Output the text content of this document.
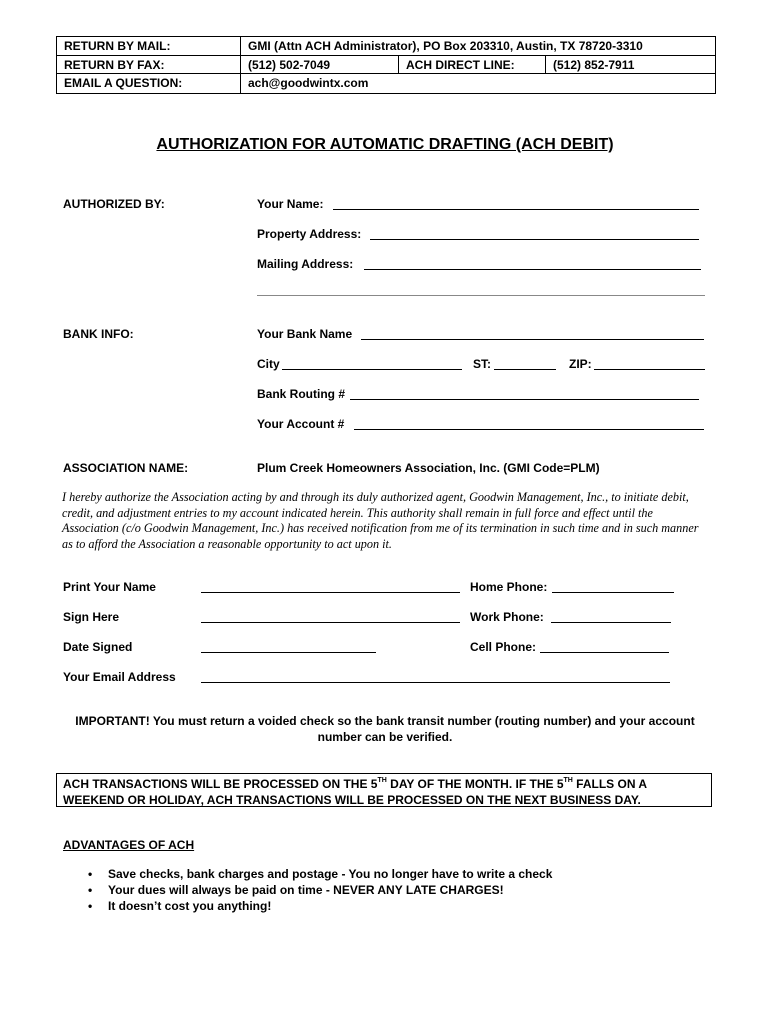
RETURN BY MAIL:	GMI (Attn ACH Administrator), PO Box 203310, Austin, TX 78720-3310
RETURN BY FAX:	(512) 502-7049	ACH DIRECT LINE:	(512) 852-7911
EMAIL A QUESTION:	ach@goodwintx.com
AUTHORIZATION FOR AUTOMATIC DRAFTING (ACH DEBIT)
AUTHORIZED BY:	Your Name:
Property Address:
Mailing Address:
BANK INFO:	Your Bank Name
City	ST:	ZIP:
Bank Routing #
Your Account #
ASSOCIATION NAME:	Plum Creek Homeowners Association, Inc. (GMI Code=PLM)
I hereby authorize the Association acting by and through its duly authorized agent, Goodwin Management, Inc., to initiate debit, credit, and adjustment entries to my account indicated herein. This authority shall remain in full force and effect until the Association (c/o Goodwin Management, Inc.) has received notification from me of its termination in such time and in such manner as to afford the Association a reasonable opportunity to act upon it.
Print Your Name	Home Phone:
Sign Here	Work Phone:
Date Signed	Cell Phone:
Your Email Address
IMPORTANT! You must return a voided check so the bank transit number (routing number) and your account number can be verified.
ACH TRANSACTIONS WILL BE PROCESSED ON THE 5TH DAY OF THE MONTH. IF THE 5TH FALLS ON A WEEKEND OR HOLIDAY, ACH TRANSACTIONS WILL BE PROCESSED ON THE NEXT BUSINESS DAY.
ADVANTAGES OF ACH
• Save checks, bank charges and postage - You no longer have to write a check
• Your dues will always be paid on time - NEVER ANY LATE CHARGES!
• It doesn’t cost you anything!
